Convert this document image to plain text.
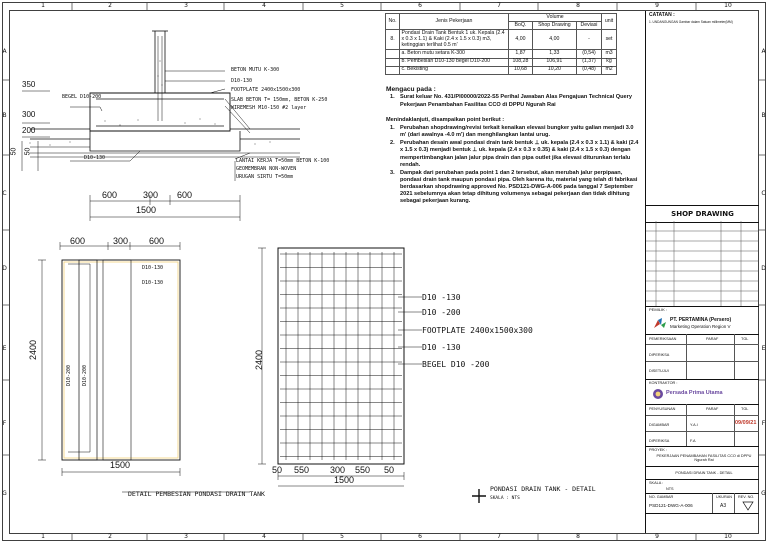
1	2	3	4	5	6	7	8	9	10
1	2	3	4	5	6	7	8	9	10
A
B
C
D
E
F
G
A
B
C
D
E
F
G
BETON MUTU K-300
D10-130
FOOTPLATE 2400x1500x300
SLAB BETON T= 150mm, BETON K-250
WIREMESH M10-150 #2 layer
BEGEL D10-200
D10-130	LANTAI KERJA T=50mm BETON K-100
GEOMEMBRAN NON-WOVEN
URUGAN SIRTU T=50mm
350
300
200
50 50
600	300 600
1500
600	300 600
2400
1500
D10-130
D10-130
D10-200 D10-200
DETAIL PEMBESIAN PONDASI DRAIN TANK
2400
50 550 300 550 50
1500
D10 -130
D10 -200
FOOTPLATE 2400x1500x300
D10 -130
BEGEL D10 -200
PONDASI DRAIN TANK - DETAIL
SKALA : NTS
No.	Jenis Pekerjaan	Volume			unit
		BoQ.	Shop Drawing	Deviasi	
8.	Pondasi Drain Tank Bentuk 1 uk. Kepala (2.4 x 0.3 x 1.1) & Kaki (2.4 x 1.5 x 0.3) m3, ketinggian terlihat 0.5 m'	4,00	4,00	-	set
	a. Beton mutu setara K-300	1,87	1,33	(0,54)	m3
	b. Pembesian D10-130 begel D10-200	108,28	106,91	(1,37)	kg
	c. Bekisting	10,68	10,20	(0,48)	m2
Mengacu pada :
1. Surat keluar No. 431/PI00000/2022-S5 Perihal Jawaban Alas Pengajuan Technical Query Pekerjaan Penambahan Fasilitas CCO di DPPU Ngurah Rai
Menindaklanjuti, disampaikan point berikut :
1. Perubahan shopdrawing/revisi terkait kenaikan elevasi bungker yaitu galian menjadi 3.0 m' (dari awalnya -4.0 m') dan menghilangkan lantai urug.
2. Perubahan desain awal pondasi drain tank bentuk ⊥ uk. kepala (2.4 x 0.3 x 1.1) & kaki (2.4 x 1.5 x 0.3) menjadi bentuk ⊥ uk. kepala (2.4 x 0.3 x 0.35) & kaki (2.4 x 1.5 x 0.3) dengan mempertimbangkan jalan jalur pipa drain dan pipa outlet jika elevasi diturunkan terlalu rendah.
3. Dampak dari perubahan pada point 1 dan 2 tersebut, akan merubah jalur perpipaan, pondasi drain tank maupun pondasi pipa. Oleh karena itu, material yang telah di fabrikasi berdasarkan shopdrawing approved No. PSD121-DWG-A-006 pada tanggal 7 September 2021 sebelumnya akan tetap dihitung volumenya sebagai pekerjaan dan tidak dihitung sebagai pekerjaan kurang.
CATATAN :
1. UNDANGUNGAN Gambar dalam Satuan millimeter(MM)
SHOP DRAWING
PEMILIK :
PT. PERTAMINA (Persero)
Marketing Operation Region V
PEMERIKSAAN	PARAF	TGL
DIPERIKSA
DISETUJUI
KONTRAKTOR :
Persada Prima Utama
PENYUSUNAN	PARAF	TGL
DIGAMBAR	Y.A.I	09/09/21
DIPERIKSA	F.A
PROYEK :
PEKERJAAN PENAMBAHAN FASILITAS CCO di DPPU Ngurah Rai
PONDASI DRAIN TANK - DETAIL
SKALA :
NTS
NO. GAMBAR
PSD121-DWG-A-006
UKURAN
A3
REV. NO.
